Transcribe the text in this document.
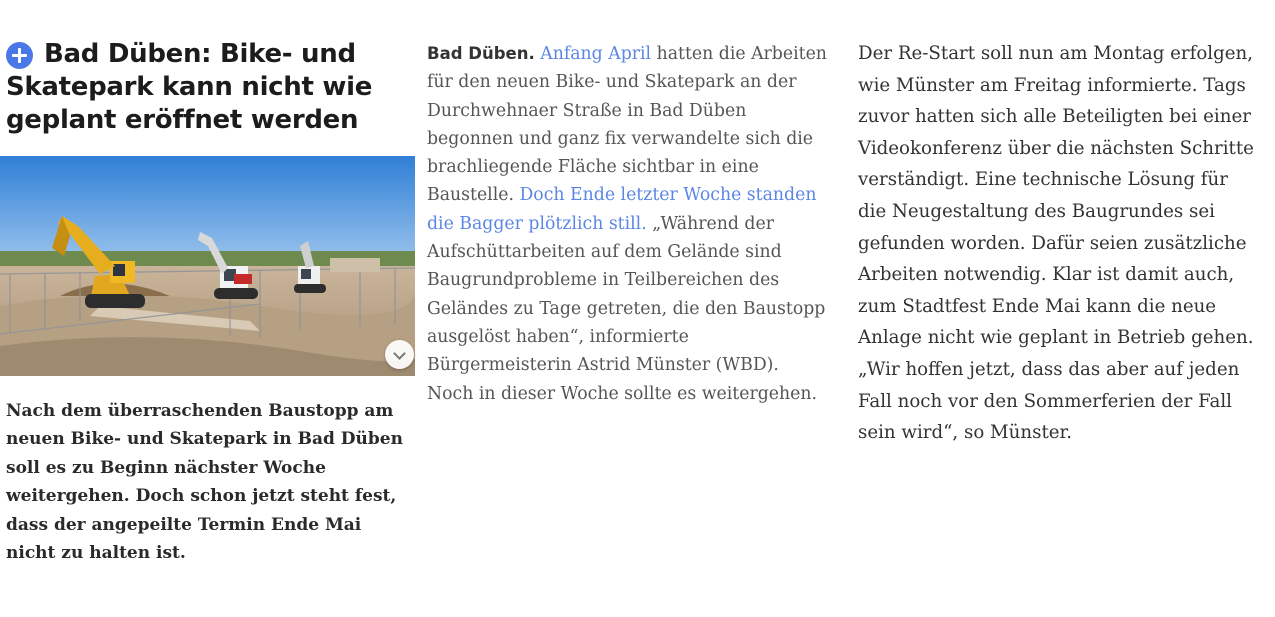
Bad Düben: Bike- und Skatepark kann nicht wie geplant eröffnet werden

Nach dem überraschenden Baustopp am neuen Bike- und Skatepark in Bad Düben soll es zu Beginn nächster Woche weitergehen. Doch schon jetzt steht fest, dass der angepeilte Termin Ende Mai nicht zu halten ist.

Bad Düben. Anfang April hatten die Arbeiten für den neuen Bike- und Skatepark an der Durchwehnaer Straße in Bad Düben begonnen und ganz fix verwandelte sich die brachliegende Fläche sichtbar in eine Baustelle. Doch Ende letzter Woche standen die Bagger plötzlich still. „Während der Aufschüttarbeiten auf dem Gelände sind Baugrundprobleme in Teilbereichen des Geländes zu Tage getreten, die den Baustopp ausgelöst haben“, informierte Bürgermeisterin Astrid Münster (WBD). Noch in dieser Woche sollte es weitergehen.

Der Re-Start soll nun am Montag erfolgen, wie Münster am Freitag informierte. Tags zuvor hatten sich alle Beteiligten bei einer Videokonferenz über die nächsten Schritte verständigt. Eine technische Lösung für die Neugestaltung des Baugrundes sei gefunden worden. Dafür seien zusätzliche Arbeiten notwendig. Klar ist damit auch, zum Stadtfest Ende Mai kann die neue Anlage nicht wie geplant in Betrieb gehen. „Wir hoffen jetzt, dass das aber auf jeden Fall noch vor den Sommerferien der Fall sein wird“, so Münster.
